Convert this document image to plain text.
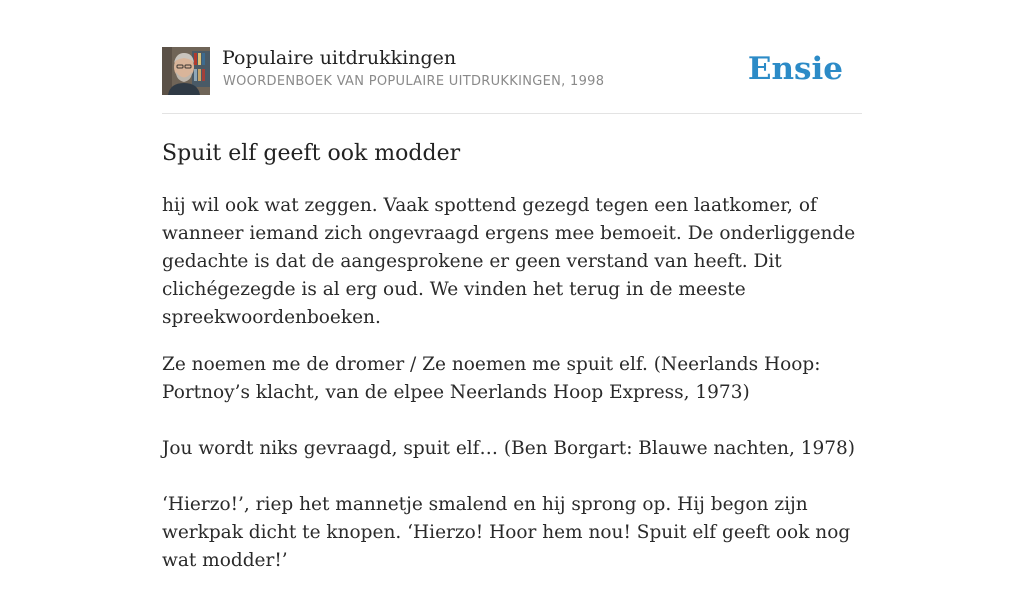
Populaire uitdrukkingen
WOORDENBOEK VAN POPULAIRE UITDRUKKINGEN, 1998	Ensie
Spuit elf geeft ook modder

hij wil ook wat zeggen. Vaak spottend gezegd tegen een laatkomer, of wanneer iemand zich ongevraagd ergens mee bemoeit. De onderliggende gedachte is dat de aangesprokene er geen verstand van heeft. Dit clichégezegde is al erg oud. We vinden het terug in de meeste spreekwoordenboeken.

Ze noemen me de dromer / Ze noemen me spuit elf. (Neerlands Hoop: Portnoy’s klacht, van de elpee Neerlands Hoop Express, 1973)

Jou wordt niks gevraagd, spuit elf… (Ben Borgart: Blauwe nachten, 1978)

‘Hierzo!’, riep het mannetje smalend en hij sprong op. Hij begon zijn werkpak dicht te knopen. ‘Hierzo! Hoor hem nou! Spuit elf geeft ook nog wat modder!’
